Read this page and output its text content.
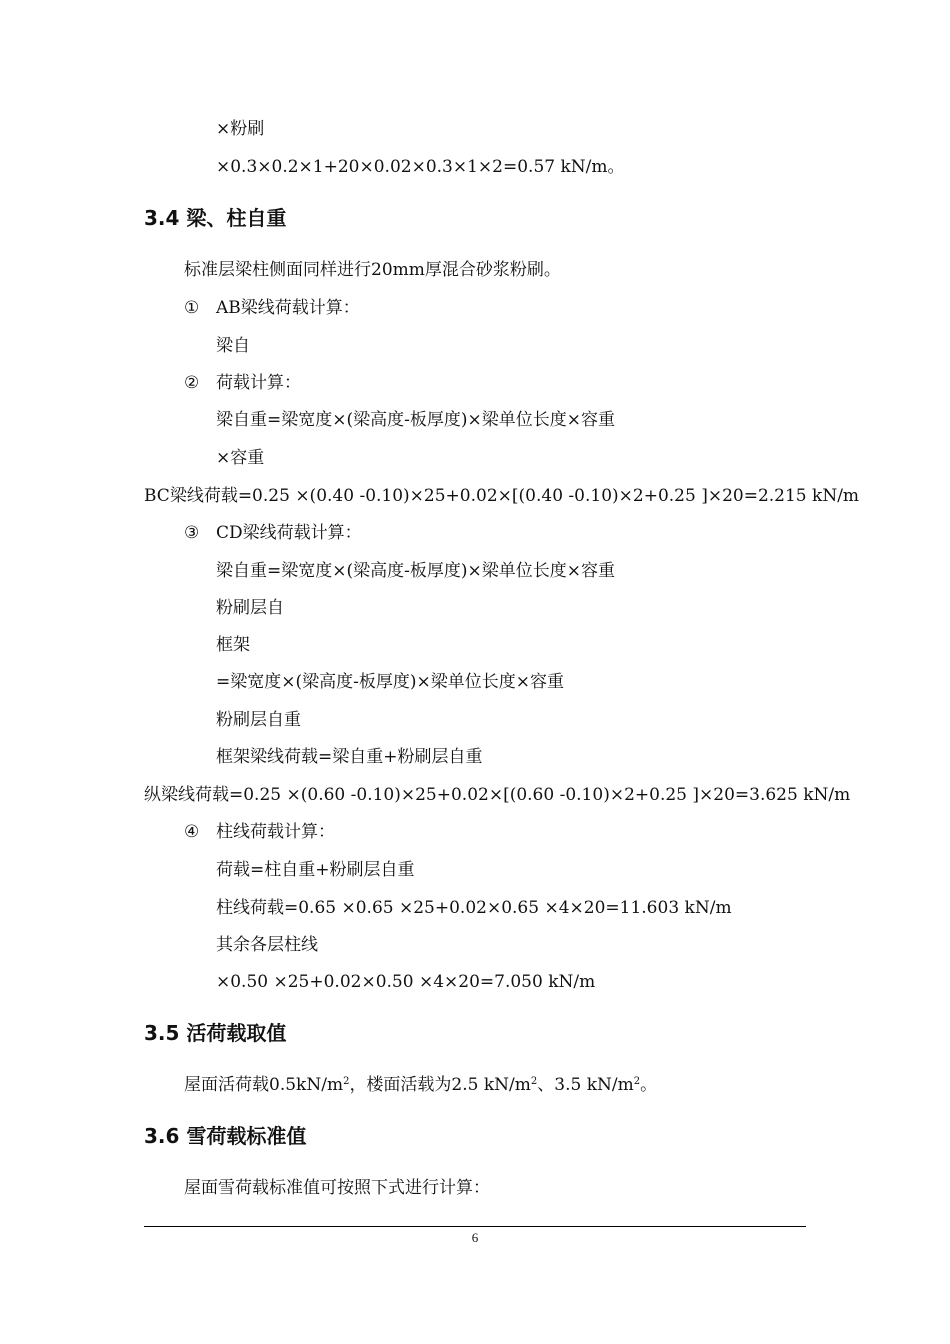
×粉刷
×0.3×0.2×1+20×0.02×0.3×1×2=0.57 kN/m。
3.4 梁、柱自重
标准层梁柱侧面同样进行20mm厚混合砂浆粉刷。
① AB梁线荷载计算：
梁自
② 荷载计算：
梁自重=梁宽度×(梁高度-板厚度)×梁单位长度×容重
×容重
BC梁线荷载=0.25 ×(0.40 -0.10)×25+0.02×[(0.40 -0.10)×2+0.25 ]×20=2.215 kN/m
③ CD梁线荷载计算：
梁自重=梁宽度×(梁高度-板厚度)×梁单位长度×容重
粉刷层自
框架
=梁宽度×(梁高度-板厚度)×梁单位长度×容重
粉刷层自重
框架梁线荷载=梁自重+粉刷层自重
纵梁线荷载=0.25 ×(0.60 -0.10)×25+0.02×[(0.60 -0.10)×2+0.25 ]×20=3.625 kN/m
④ 柱线荷载计算：
荷载=柱自重+粉刷层自重
柱线荷载=0.65 ×0.65 ×25+0.02×0.65 ×4×20=11.603 kN/m
其余各层柱线
×0.50 ×25+0.02×0.50 ×4×20=7.050 kN/m
3.5 活荷载取值
屋面活荷载$0.5kN/m^2$，楼面活载为2.5 $kN/m^2$、3.5 $kN/m^2$。
3.6 雪荷载标准值
屋面雪荷载标准值可按照下式进行计算：
6
